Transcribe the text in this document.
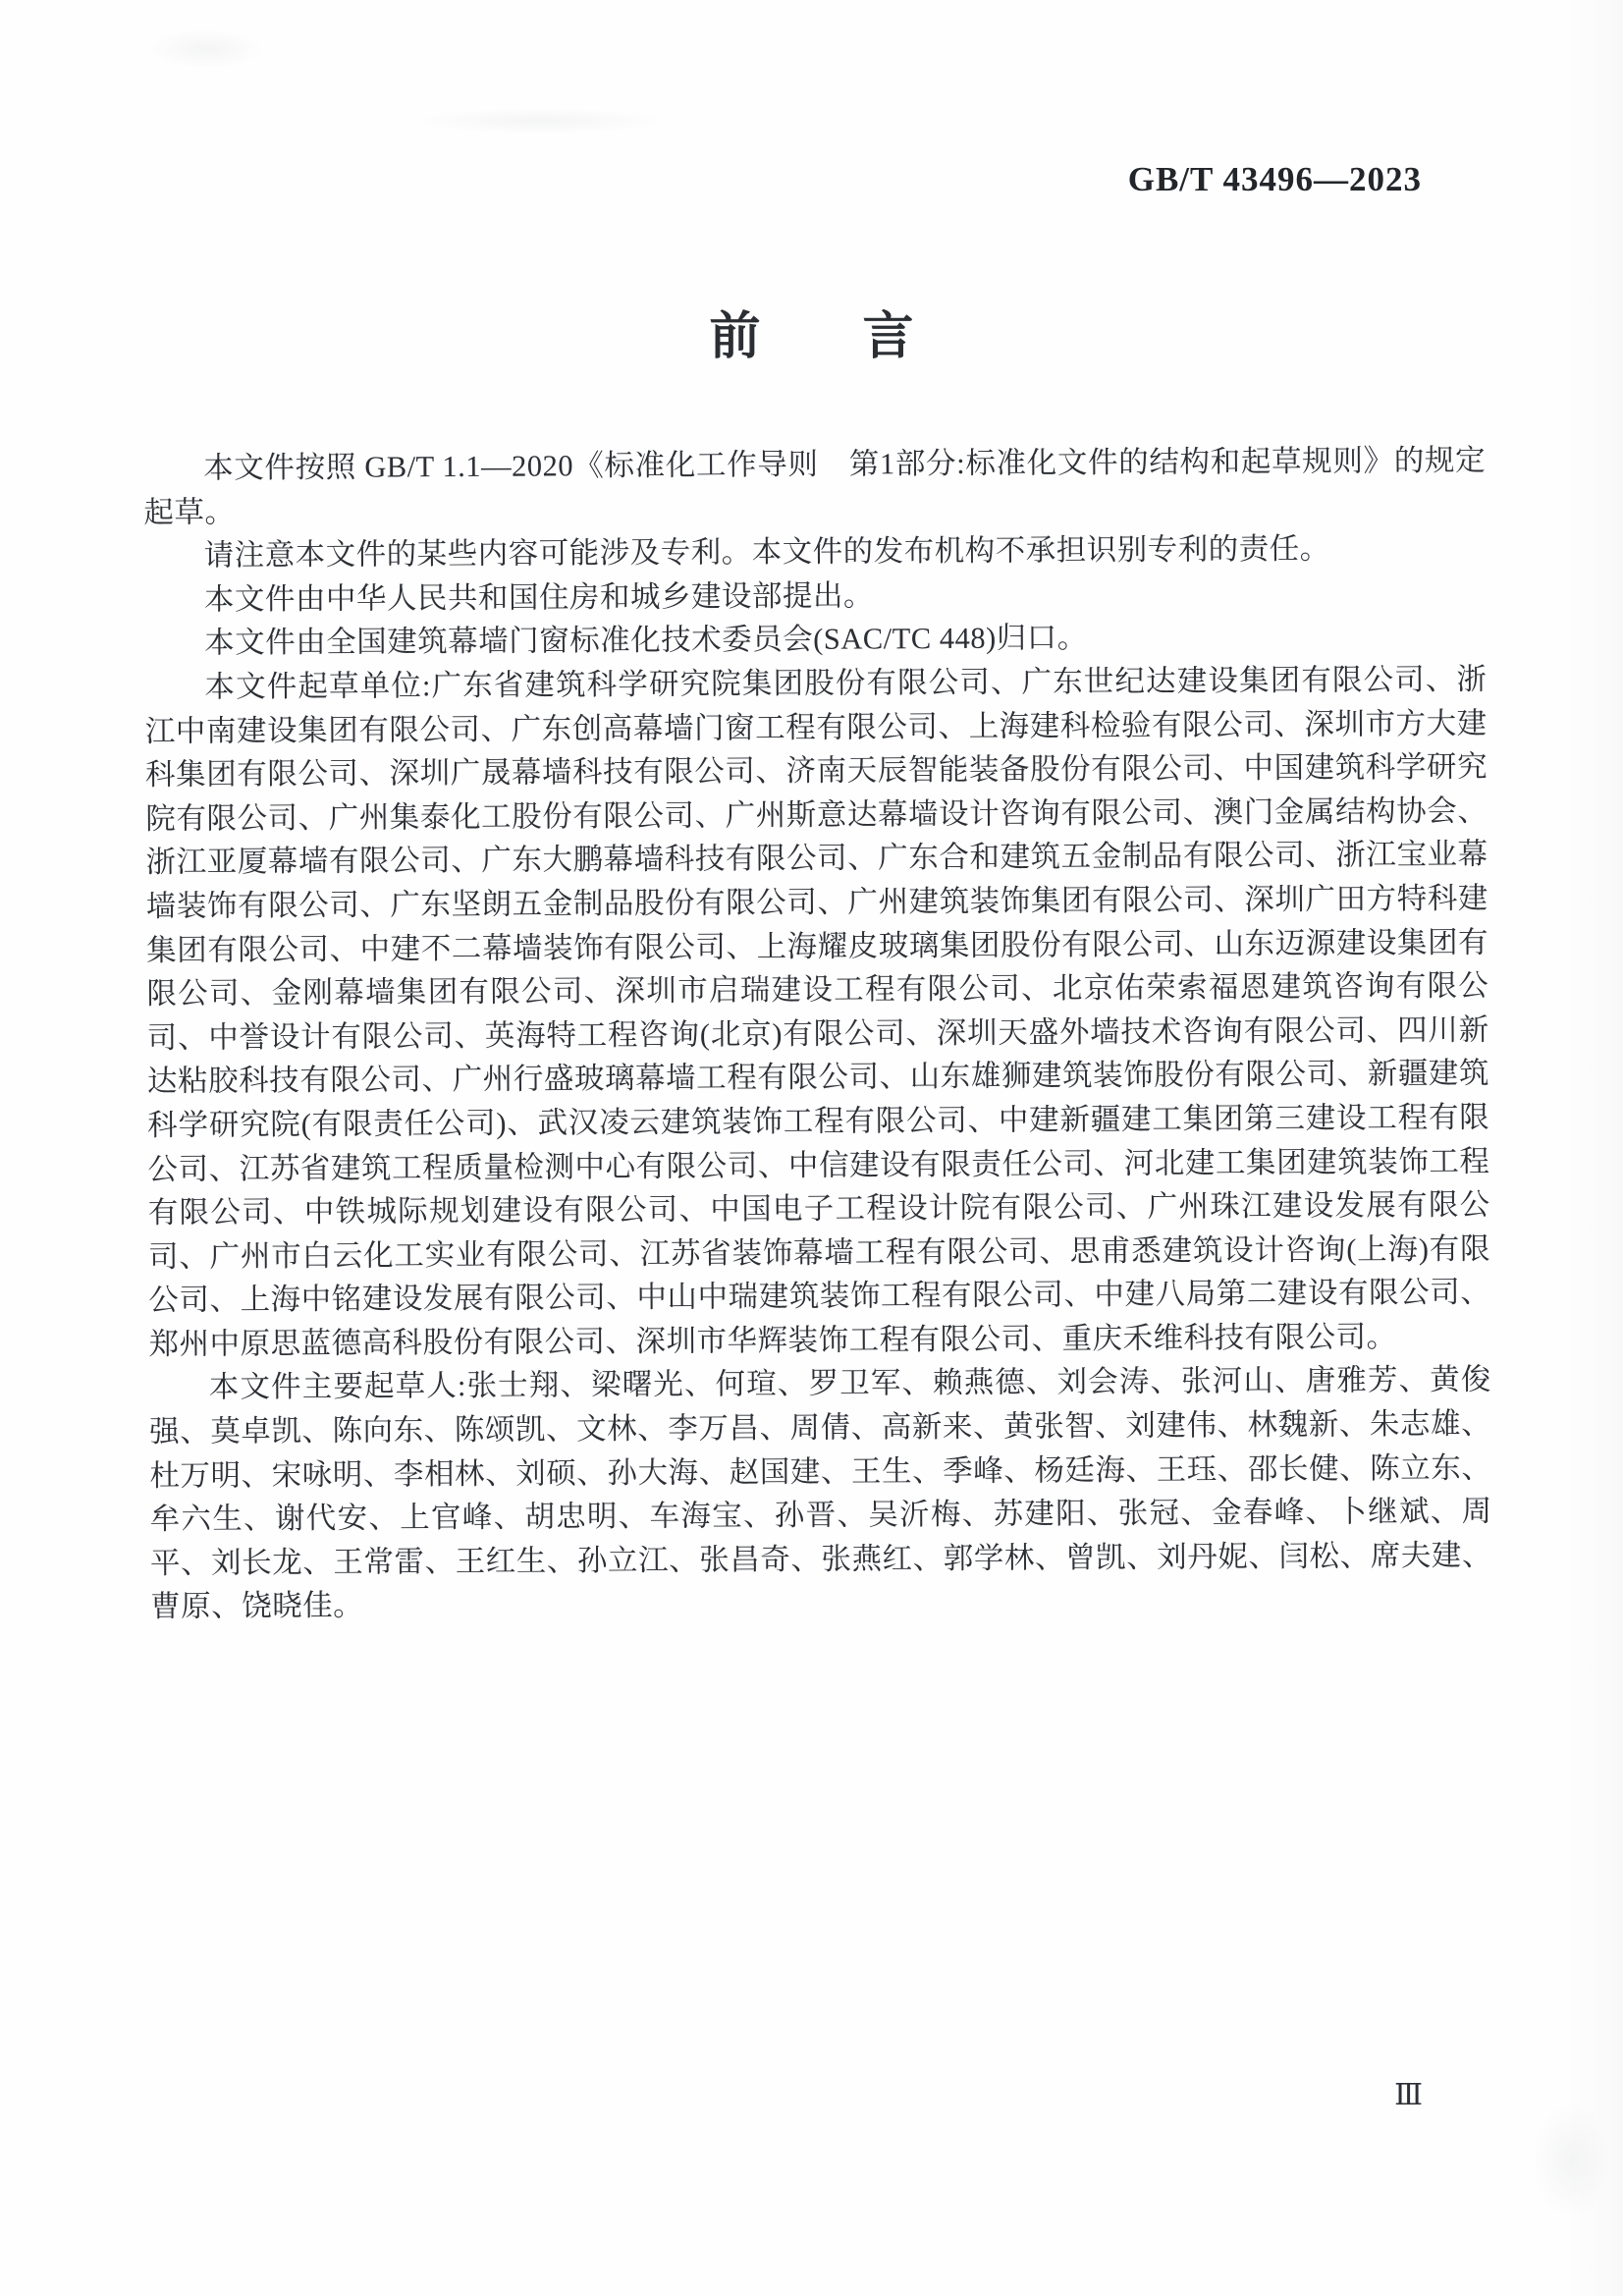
GB/T 43496—2023
前 言

本文件按照 GB/T 1.1—2020《标准化工作导则　第1部分:标准化文件的结构和起草规则》的规定起草。

请注意本文件的某些内容可能涉及专利。本文件的发布机构不承担识别专利的责任。

本文件由中华人民共和国住房和城乡建设部提出。

本文件由全国建筑幕墙门窗标准化技术委员会(SAC/TC 448)归口。

本文件起草单位:广东省建筑科学研究院集团股份有限公司、广东世纪达建设集团有限公司、浙江中南建设集团有限公司、广东创高幕墙门窗工程有限公司、上海建科检验有限公司、深圳市方大建科集团有限公司、深圳广晟幕墙科技有限公司、济南天辰智能装备股份有限公司、中国建筑科学研究院有限公司、广州集泰化工股份有限公司、广州斯意达幕墙设计咨询有限公司、澳门金属结构协会、浙江亚厦幕墙有限公司、广东大鹏幕墙科技有限公司、广东合和建筑五金制品有限公司、浙江宝业幕墙装饰有限公司、广东坚朗五金制品股份有限公司、广州建筑装饰集团有限公司、深圳广田方特科建集团有限公司、中建不二幕墙装饰有限公司、上海耀皮玻璃集团股份有限公司、山东迈源建设集团有限公司、金刚幕墙集团有限公司、深圳市启瑞建设工程有限公司、北京佑荣索福恩建筑咨询有限公司、中誉设计有限公司、英海特工程咨询(北京)有限公司、深圳天盛外墙技术咨询有限公司、四川新达粘胶科技有限公司、广州行盛玻璃幕墙工程有限公司、山东雄狮建筑装饰股份有限公司、新疆建筑科学研究院(有限责任公司)、武汉凌云建筑装饰工程有限公司、中建新疆建工集团第三建设工程有限公司、江苏省建筑工程质量检测中心有限公司、中信建设有限责任公司、河北建工集团建筑装饰工程有限公司、中铁城际规划建设有限公司、中国电子工程设计院有限公司、广州珠江建设发展有限公司、广州市白云化工实业有限公司、江苏省装饰幕墙工程有限公司、思甫悉建筑设计咨询(上海)有限公司、上海中铭建设发展有限公司、中山中瑞建筑装饰工程有限公司、中建八局第二建设有限公司、郑州中原思蓝德高科股份有限公司、深圳市华辉装饰工程有限公司、重庆禾维科技有限公司。

本文件主要起草人:张士翔、梁曙光、何瑄、罗卫军、赖燕德、刘会涛、张河山、唐雅芳、黄俊强、莫卓凯、陈向东、陈颂凯、文林、李万昌、周倩、高新来、黄张智、刘建伟、林魏新、朱志雄、杜万明、宋咏明、李相林、刘硕、孙大海、赵国建、王生、季峰、杨廷海、王珏、邵长健、陈立东、牟六生、谢代安、上官峰、胡忠明、车海宝、孙晋、吴沂梅、苏建阳、张冠、金春峰、卜继斌、周平、刘长龙、王常雷、王红生、孙立江、张昌奇、张燕红、郭学林、曾凯、刘丹妮、闫松、席夫建、曹原、饶晓佳。

Ⅲ
